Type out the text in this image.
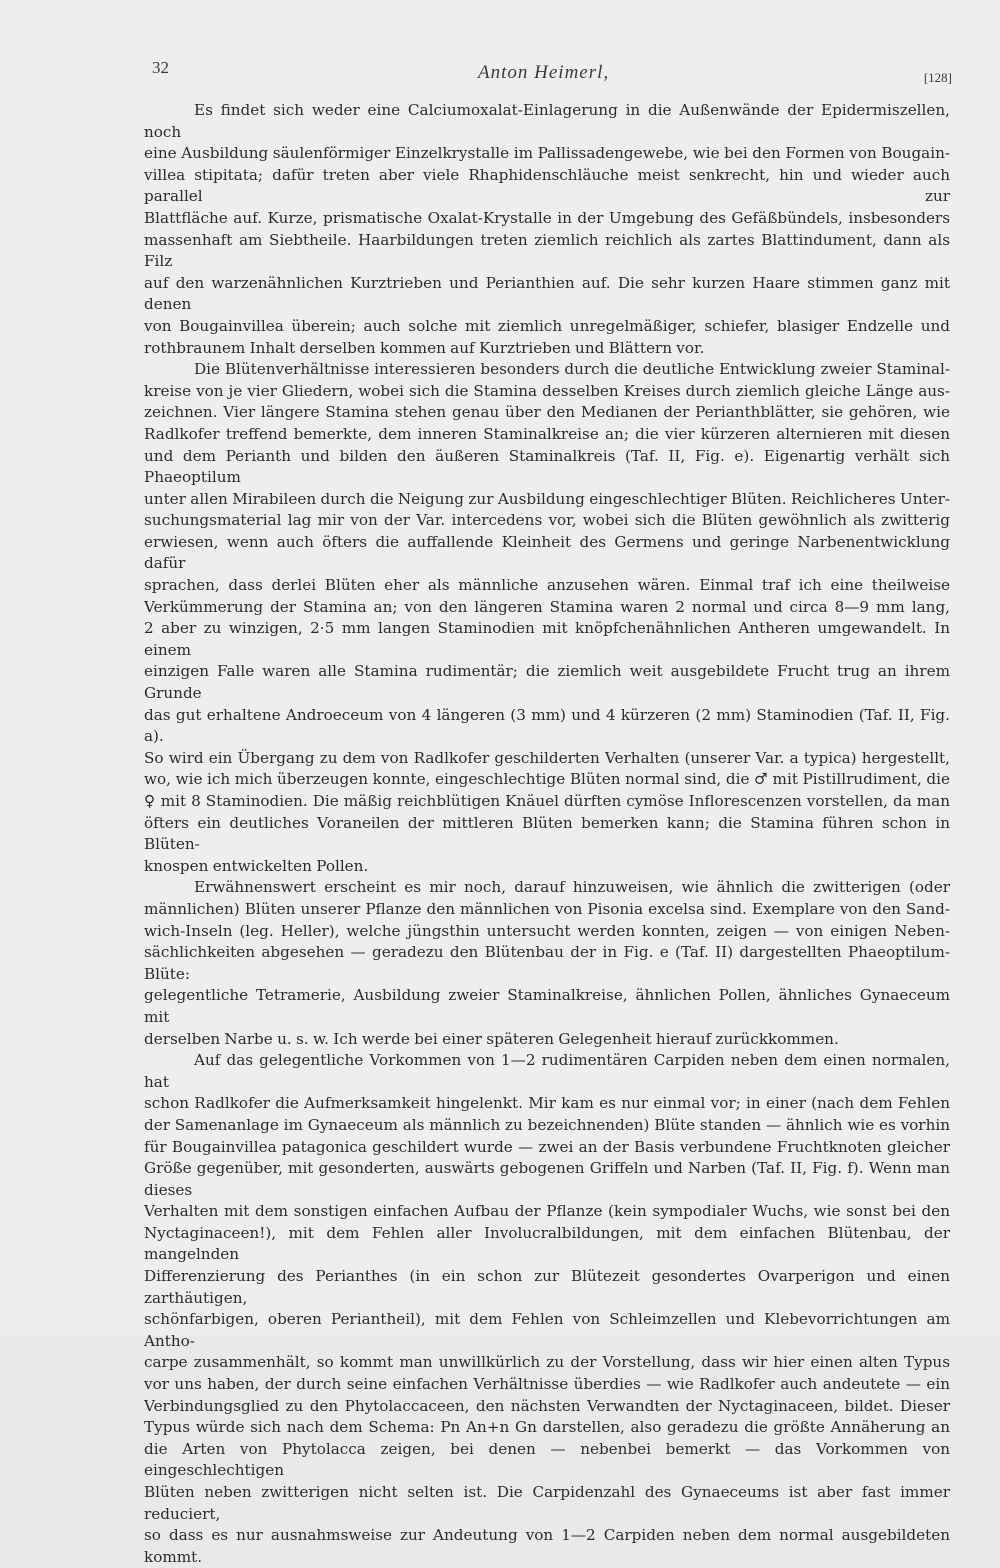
32	Anton Heimerl,	[128]

Es findet sich weder eine Calciumoxalat-Einlagerung in die Außenwände der Epidermiszellen, noch

eine Ausbildung säulenförmiger Einzelkrystalle im Pallissadengewebe, wie bei den Formen von Bougain-

villea stipitata; dafür treten aber viele Rhaphidenschläuche meist senkrecht, hin und wieder auch parallel zur

Blattfläche auf. Kurze, prismatische Oxalat-Krystalle in der Umgebung des Gefäßbündels, insbesonders

massenhaft am Siebtheile. Haarbildungen treten ziemlich reichlich als zartes Blattindument, dann als Filz

auf den warzenähnlichen Kurztrieben und Perianthien auf. Die sehr kurzen Haare stimmen ganz mit denen

von Bougainvillea überein; auch solche mit ziemlich unregelmäßiger, schiefer, blasiger Endzelle und

rothbraunem Inhalt derselben kommen auf Kurztrieben und Blättern vor.

Die Blütenverhältnisse interessieren besonders durch die deutliche Entwicklung zweier Staminal-

kreise von je vier Gliedern, wobei sich die Stamina desselben Kreises durch ziemlich gleiche Länge aus-

zeichnen. Vier längere Stamina stehen genau über den Medianen der Perianthblätter, sie gehören, wie

Radlkofer treffend bemerkte, dem inneren Staminalkreise an; die vier kürzeren alternieren mit diesen

und dem Perianth und bilden den äußeren Staminalkreis (Taf. II, Fig. e). Eigenartig verhält sich Phaeoptilum

unter allen Mirabileen durch die Neigung zur Ausbildung eingeschlechtiger Blüten. Reichlicheres Unter-

suchungsmaterial lag mir von der Var. intercedens vor, wobei sich die Blüten gewöhnlich als zwitterig

erwiesen, wenn auch öfters die auffallende Kleinheit des Germens und geringe Narbenentwicklung dafür

sprachen, dass derlei Blüten eher als männliche anzusehen wären. Einmal traf ich eine theilweise

Verkümmerung der Stamina an; von den längeren Stamina waren 2 normal und circa 8—9 mm lang,

2 aber zu winzigen, 2·5 mm langen Staminodien mit knöpfchenähnlichen Antheren umgewandelt. In einem

einzigen Falle waren alle Stamina rudimentär; die ziemlich weit ausgebildete Frucht trug an ihrem Grunde

das gut erhaltene Androeceum von 4 längeren (3 mm) und 4 kürzeren (2 mm) Staminodien (Taf. II, Fig. a).

So wird ein Übergang zu dem von Radlkofer geschilderten Verhalten (unserer Var. a typica) hergestellt,

wo, wie ich mich überzeugen konnte, eingeschlechtige Blüten normal sind, die ♂ mit Pistillrudiment, die

♀ mit 8 Staminodien. Die mäßig reichblütigen Knäuel dürften cymöse Inflorescenzen vorstellen, da man

öfters ein deutliches Voraneilen der mittleren Blüten bemerken kann; die Stamina führen schon in Blüten-

knospen entwickelten Pollen.

Erwähnenswert erscheint es mir noch, darauf hinzuweisen, wie ähnlich die zwitterigen (oder

männlichen) Blüten unserer Pflanze den männlichen von Pisonia excelsa sind. Exemplare von den Sand-

wich-Inseln (leg. Heller), welche jüngsthin untersucht werden konnten, zeigen — von einigen Neben-

sächlichkeiten abgesehen — geradezu den Blütenbau der in Fig. e (Taf. II) dargestellten Phaeoptilum-Blüte:

gelegentliche Tetramerie, Ausbildung zweier Staminalkreise, ähnlichen Pollen, ähnliches Gynaeceum mit

derselben Narbe u. s. w. Ich werde bei einer späteren Gelegenheit hierauf zurückkommen.

Auf das gelegentliche Vorkommen von 1—2 rudimentären Carpiden neben dem einen normalen, hat

schon Radlkofer die Aufmerksamkeit hingelenkt. Mir kam es nur einmal vor; in einer (nach dem Fehlen

der Samenanlage im Gynaeceum als männlich zu bezeichnenden) Blüte standen — ähnlich wie es vorhin

für Bougainvillea patagonica geschildert wurde — zwei an der Basis verbundene Fruchtknoten gleicher

Größe gegenüber, mit gesonderten, auswärts gebogenen Griffeln und Narben (Taf. II, Fig. f). Wenn man dieses

Verhalten mit dem sonstigen einfachen Aufbau der Pflanze (kein sympodialer Wuchs, wie sonst bei den

Nyctaginaceen!), mit dem Fehlen aller Involucralbildungen, mit dem einfachen Blütenbau, der mangelnden

Differenzierung des Perianthes (in ein schon zur Blütezeit gesondertes Ovarperigon und einen zarthäutigen,

schönfarbigen, oberen Periantheil), mit dem Fehlen von Schleimzellen und Klebevorrichtungen am Antho-

carpe zusammenhält, so kommt man unwillkürlich zu der Vorstellung, dass wir hier einen alten Typus

vor uns haben, der durch seine einfachen Verhältnisse überdies — wie Radlkofer auch andeutete — ein

Verbindungsglied zu den Phytolaccaceen, den nächsten Verwandten der Nyctaginaceen, bildet. Dieser

Typus würde sich nach dem Schema: Pn An+n Gn darstellen, also geradezu die größte Annäherung an

die Arten von Phytolacca zeigen, bei denen — nebenbei bemerkt — das Vorkommen von eingeschlechtigen

Blüten neben zwitterigen nicht selten ist. Die Carpidenzahl des Gynaeceums ist aber fast immer reduciert,

so dass es nur ausnahmsweise zur Andeutung von 1—2 Carpiden neben dem normal ausgebildeten kommt.
